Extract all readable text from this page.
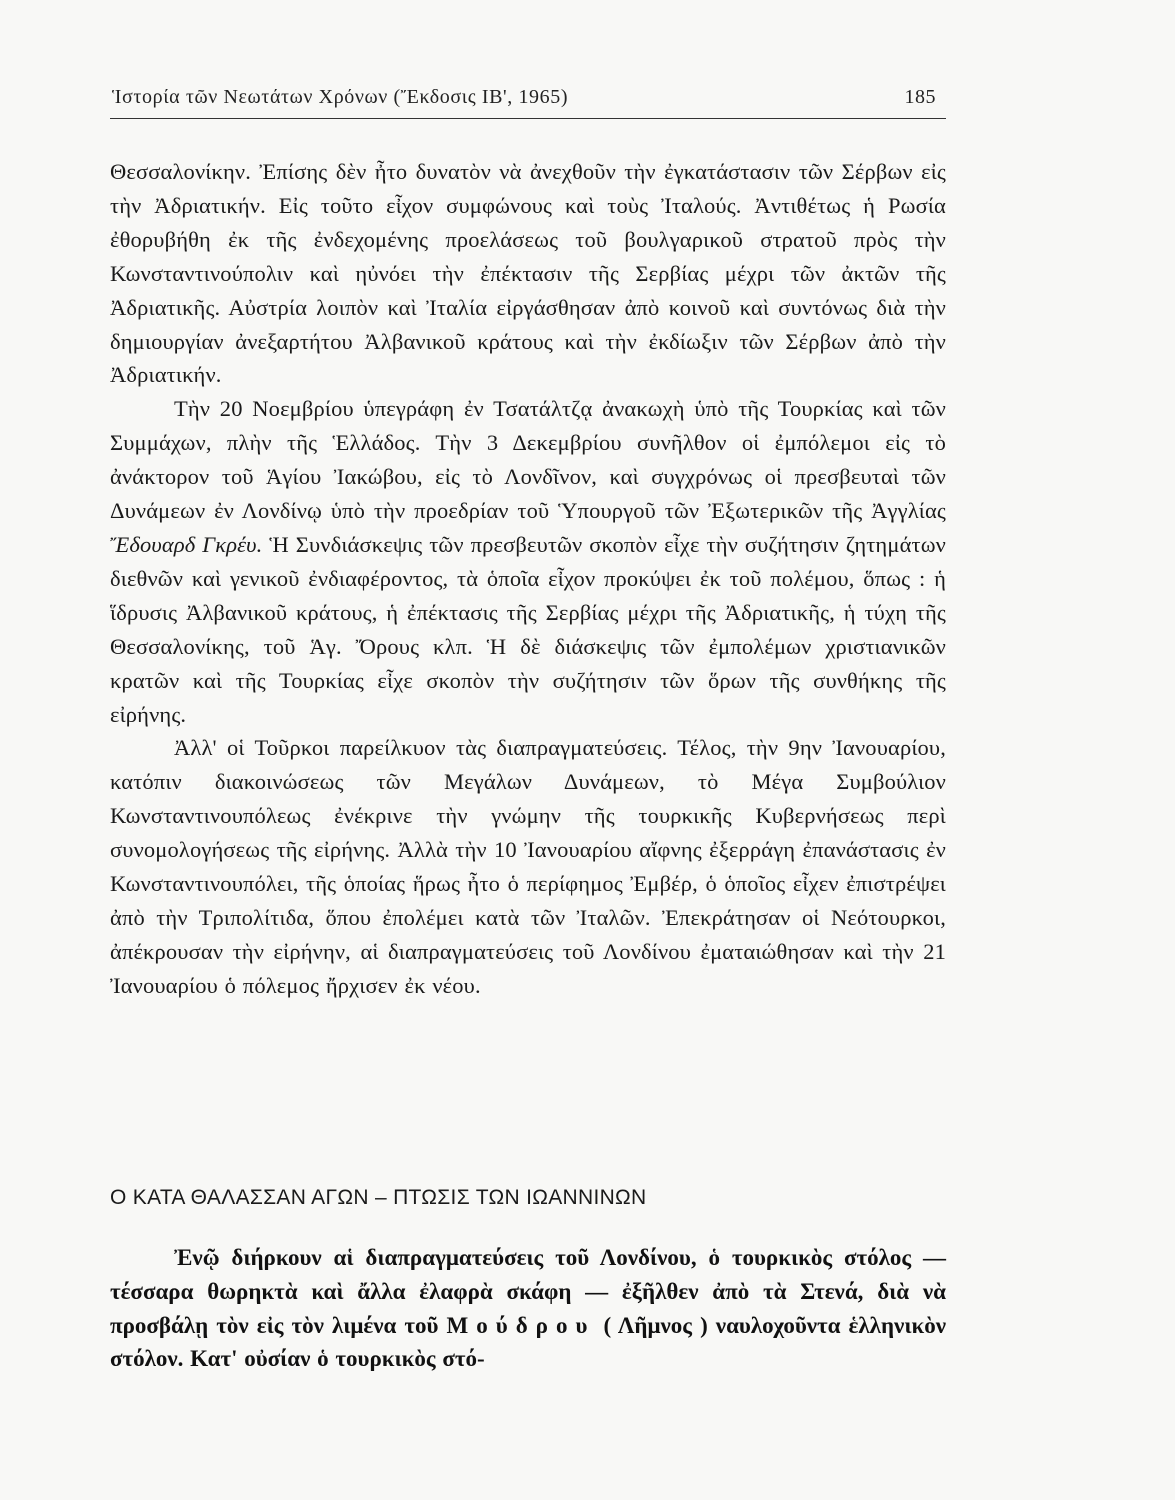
Ἱστορία τῶν Νεωτάτων Χρόνων (Ἔκδοσις ΙΒ', 1965)	185

Θεσσαλονίκην. Ἐπίσης δὲν ἦτο δυνατὸν νὰ ἀνεχθοῦν τὴν ἐγκατάστασιν τῶν Σέρβων εἰς τὴν Ἀδριατικήν. Εἰς τοῦτο εἶχον συμφώνους καὶ τοὺς Ἰταλούς. Ἀντιθέτως ἡ Ρωσία ἐθορυβήθη ἐκ τῆς ἐνδεχομένης προελάσεως τοῦ βουλγαρικοῦ στρατοῦ πρὸς τὴν Κωνσταντινούπολιν καὶ ηὐνόει τὴν ἐπέκτασιν τῆς Σερβίας μέχρι τῶν ἀκτῶν τῆς Ἀδριατικῆς. Αὐστρία λοιπὸν καὶ Ἰταλία εἰργάσθησαν ἀπὸ κοινοῦ καὶ συντόνως διὰ τὴν δημιουργίαν ἀνεξαρτήτου Ἀλβανικοῦ κράτους καὶ τὴν ἐκδίωξιν τῶν Σέρβων ἀπὸ τὴν Ἀδριατικήν.

Τὴν 20 Νοεμβρίου ὑπεγράφη ἐν Τσατάλτζᾳ ἀνακωχὴ ὑπὸ τῆς Τουρκίας καὶ τῶν Συμμάχων, πλὴν τῆς Ἑλλάδος. Τὴν 3 Δεκεμβρίου συνῆλθον οἱ ἐμπόλεμοι εἰς τὸ ἀνάκτορον τοῦ Ἁγίου Ἰακώβου, εἰς τὸ Λονδῖνον, καὶ συγχρόνως οἱ πρεσβευταὶ τῶν Δυνάμεων ἐν Λονδίνῳ ὑπὸ τὴν προεδρίαν τοῦ Ὑπουργοῦ τῶν Ἐξωτερικῶν τῆς Ἀγγλίας Ἔδουαρδ Γκρέυ. Ἡ Συνδιάσκεψις τῶν πρεσβευτῶν σκοπὸν εἶχε τὴν συζήτησιν ζητημάτων διεθνῶν καὶ γενικοῦ ἐνδιαφέροντος, τὰ ὁποῖα εἶχον προκύψει ἐκ τοῦ πολέμου, ὅπως : ἡ ἵδρυσις Ἀλβανικοῦ κράτους, ἡ ἐπέκτασις τῆς Σερβίας μέχρι τῆς Ἀδριατικῆς, ἡ τύχη τῆς Θεσσαλονίκης, τοῦ Ἁγ. Ὄρους κλπ. Ἡ δὲ διάσκεψις τῶν ἐμπολέμων χριστιανικῶν κρατῶν καὶ τῆς Τουρκίας εἶχε σκοπὸν τὴν συζήτησιν τῶν ὅρων τῆς συνθήκης τῆς εἰρήνης.

Ἀλλ' οἱ Τοῦρκοι παρείλκυον τὰς διαπραγματεύσεις. Τέλος, τὴν 9ην Ἰανουαρίου, κατόπιν διακοινώσεως τῶν Μεγάλων Δυνάμεων, τὸ Μέγα Συμβούλιον Κωνσταντινουπόλεως ἐνέκρινε τὴν γνώμην τῆς τουρκικῆς Κυβερνήσεως περὶ συνομολογήσεως τῆς εἰρήνης. Ἀλλὰ τὴν 10 Ἰανουαρίου αἴφνης ἐξερράγη ἐπανάστασις ἐν Κωνσταντινουπόλει, τῆς ὁποίας ἥρως ἦτο ὁ περίφημος Ἐμβέρ, ὁ ὁποῖος εἶχεν ἐπιστρέψει ἀπὸ τὴν Τριπολίτιδα, ὅπου ἐπολέμει κατὰ τῶν Ἰταλῶν. Ἐπεκράτησαν οἱ Νεότουρκοι, ἀπέκρουσαν τὴν εἰρήνην, αἱ διαπραγματεύσεις τοῦ Λονδίνου ἐματαιώθησαν καὶ τὴν 21 Ἰανουαρίου ὁ πόλεμος ἤρχισεν ἐκ νέου.

Ο ΚΑΤΑ ΘΑΛΑΣΣΑΝ ΑΓΩΝ – ΠΤΩΣΙΣ ΤΩΝ ΙΩΑΝΝΙΝΩΝ

Ἐνῷ διήρκουν αἱ διαπραγματεύσεις τοῦ Λονδίνου, ὁ τουρκικὸς στόλος — τέσσαρα θωρηκτὰ καὶ ἄλλα ἐλαφρὰ σκάφη — ἐξῆλθεν ἀπὸ τὰ Στενά, διὰ νὰ προσβάλῃ τὸν εἰς τὸν λιμένα τοῦ Μούδρου ( Λῆμνος ) ναυλοχοῦντα ἑλληνικὸν στόλον. Κατ' οὐσίαν ὁ τουρκικὸς στό-
